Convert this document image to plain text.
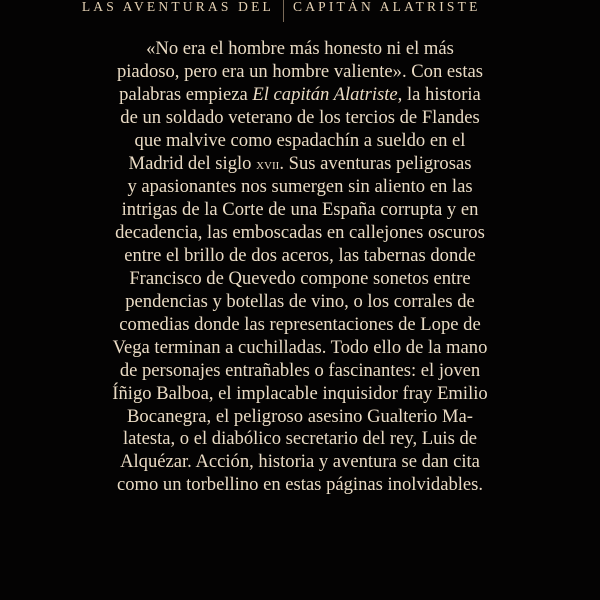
LAS AVENTURAS DEL CAPITÁN ALATRISTE
«No era el hombre más honesto ni el más
piadoso, pero era un hombre valiente». Con estas
palabras empieza El capitán Alatriste, la historia
de un soldado veterano de los tercios de Flandes
que malvive como espadachín a sueldo en el
Madrid del siglo xvii. Sus aventuras peligrosas
y apasionantes nos sumergen sin aliento en las
intrigas de la Corte de una España corrupta y en
decadencia, las emboscadas en callejones oscuros
entre el brillo de dos aceros, las tabernas donde
Francisco de Quevedo compone sonetos entre
pendencias y botellas de vino, o los corrales de
comedias donde las representaciones de Lope de
Vega terminan a cuchilladas. Todo ello de la mano
de personajes entrañables o fascinantes: el joven
Íñigo Balboa, el implacable inquisidor fray Emilio
Bocanegra, el peligroso asesino Gualterio Ma-
latesta, o el diabólico secretario del rey, Luis de
Alquézar. Acción, historia y aventura se dan cita
como un torbellino en estas páginas inolvidables.
